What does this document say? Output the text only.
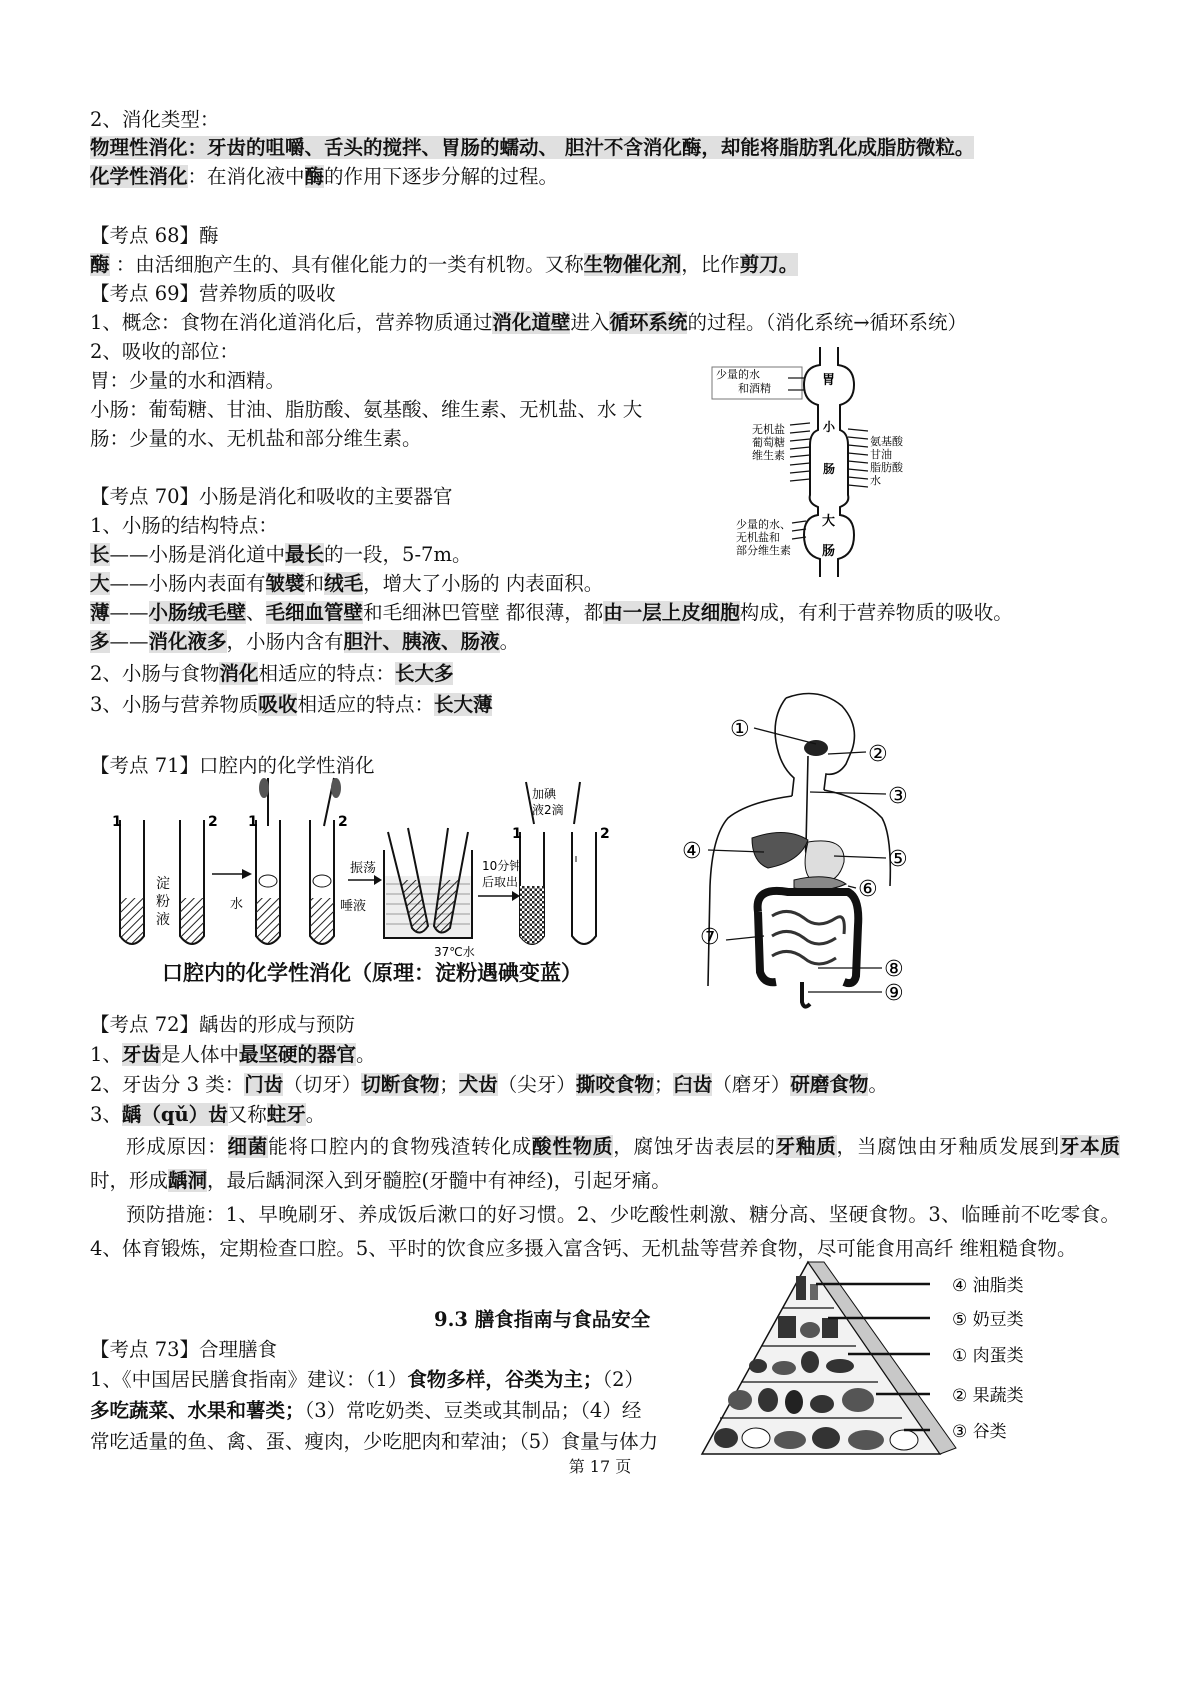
2、消化类型：
物理性消化：牙齿的咀嚼、舌头的搅拌、胃肠的蠕动、 胆汁不含消化酶，却能将脂肪乳化成脂肪微粒。
化学性消化：在消化液中酶的作用下逐步分解的过程。
【考点 68】酶
酶 ：由活细胞产生的、具有催化能力的一类有机物。又称生物催化剂，比作剪刀。
【考点 69】营养物质的吸收
1、概念：食物在消化道消化后，营养物质通过消化道壁进入循环系统的过程。（消化系统→循环系统）
2、吸收的部位：
胃：少量的水和酒精。
小肠：葡萄糖、甘油、脂肪酸、氨基酸、维生素、无机盐、水 大
肠：少量的水、无机盐和部分维生素。
少量的水
和酒精
胃
无机盐
葡萄糖
维生素
氨基酸
甘油
脂肪酸
水
小
肠
少量的水、
无机盐和
部分维生素
大
肠
【考点 70】小肠是消化和吸收的主要器官
1、小肠的结构特点：
长——小肠是消化道中最长的一段，5-7m。
大——小肠内表面有皱襞和绒毛，增大了小肠的 内表面积。
薄——小肠绒毛壁、毛细血管壁和毛细淋巴管壁 都很薄，都由一层上皮细胞构成，有利于营养物质的吸收。
多——消化液多，小肠内含有胆汁、胰液、肠液。
2、小肠与食物消化相适应的特点：长大多
3、小肠与营养物质吸收相适应的特点：长大薄
【考点 71】口腔内的化学性消化
1
淀
粉
液
2 1
水
2
唾液
振荡
37℃水
10分钟
后取出
加碘
液2滴
1	2
口腔内的化学性消化（原理：淀粉遇碘变蓝）
①
②
③
④	⑤
⑥
⑦
⑧
⑨
【考点 72】龋齿的形成与预防
1、牙齿是人体中最坚硬的器官。
2、牙齿分 3 类：门齿（切牙）切断食物；犬齿（尖牙）撕咬食物；臼齿（磨牙）研磨食物。
3、龋（qǔ）齿又称蛀牙。
形成原因：细菌能将口腔内的食物残渣转化成酸性物质，腐蚀牙齿表层的牙釉质，当腐蚀由牙釉质发展到牙本质时，形成龋洞，最后龋洞深入到牙髓腔(牙髓中有神经)，引起牙痛。
预防措施：1、早晚刷牙、养成饭后漱口的好习惯。2、少吃酸性刺激、糖分高、坚硬食物。3、临睡前不吃零食。4、体育锻炼，定期检查口腔。5、平时的饮食应多摄入富含钙、无机盐等营养食物，尽可能食用高纤 维粗糙食物。
9.3 膳食指南与食品安全
【考点 73】合理膳食
1、《中国居民膳食指南》建议：（1）食物多样，谷类为主；（2）
多吃蔬菜、水果和薯类；（3）常吃奶类、豆类或其制品；（4）经
常吃适量的鱼、禽、蛋、瘦肉，少吃肥肉和荤油；（5）食量与体力
④ 油脂类
⑤ 奶豆类
① 肉蛋类
② 果蔬类
③ 谷类
第 17 页
